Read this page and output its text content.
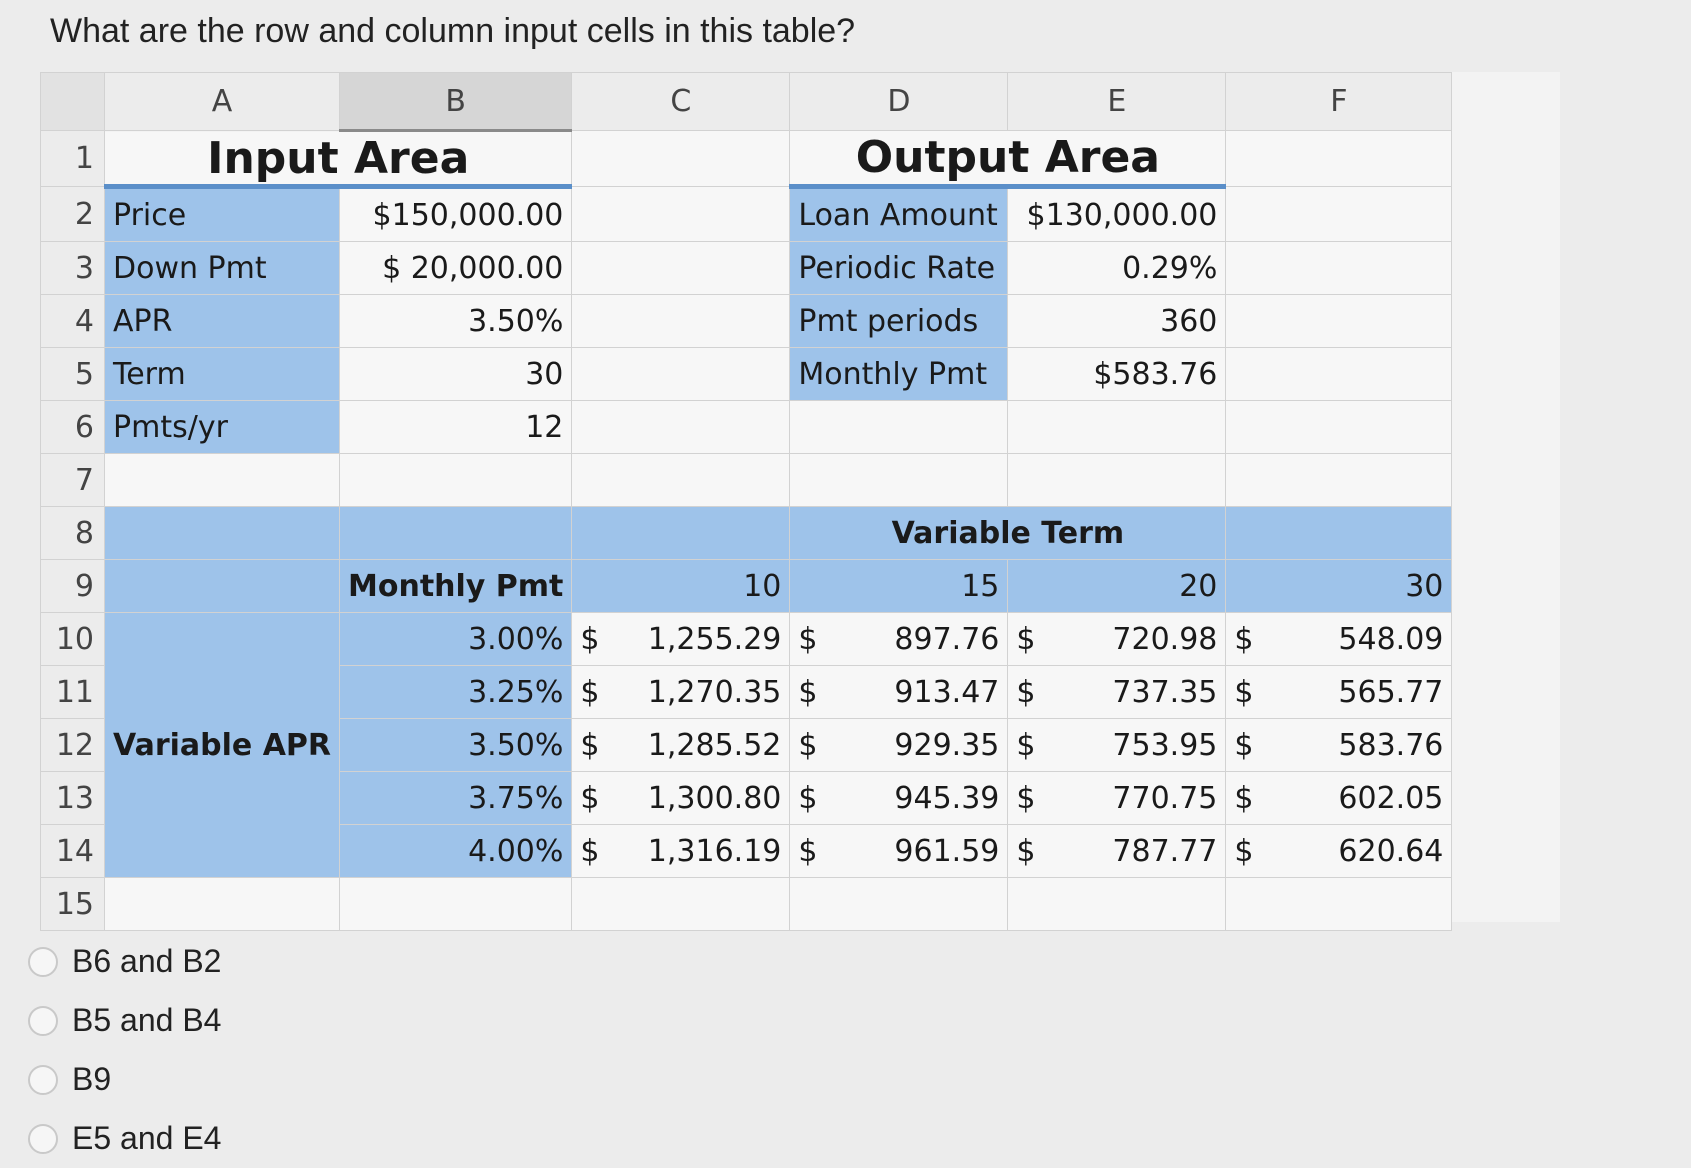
What are the row and column input cells in this table?
	A	B	C	D	E	F
1	Input Area			Output Area		
2	Price	$150,000.00		Loan Amount	$130,000.00	
3	Down Pmt	$ 20,000.00		Periodic Rate	0.29%	
4	APR	3.50%		Pmt periods	360	
5	Term	30		Monthly Pmt	$583.76	
6	Pmts/yr	12				
7						
8				Variable Term		
9		Monthly Pmt	10	15	20	30
10	Variable APR	3.00%	$ 1,255.29	$ 897.76	$ 720.98	$ 548.09

11		3.25%	$ 1,270.35	$ 913.47	$ 737.35	$ 565.77

12		3.50%	$ 1,285.52	$ 929.35	$ 753.95	$ 583.76

13		3.75%	$ 1,300.80	$ 945.39	$ 770.75	$ 602.05

14		4.00%	$ 1,316.19	$ 961.59	$ 787.77	$ 620.64

15						
B6 and B2
B5 and B4
B9
E5 and E4
